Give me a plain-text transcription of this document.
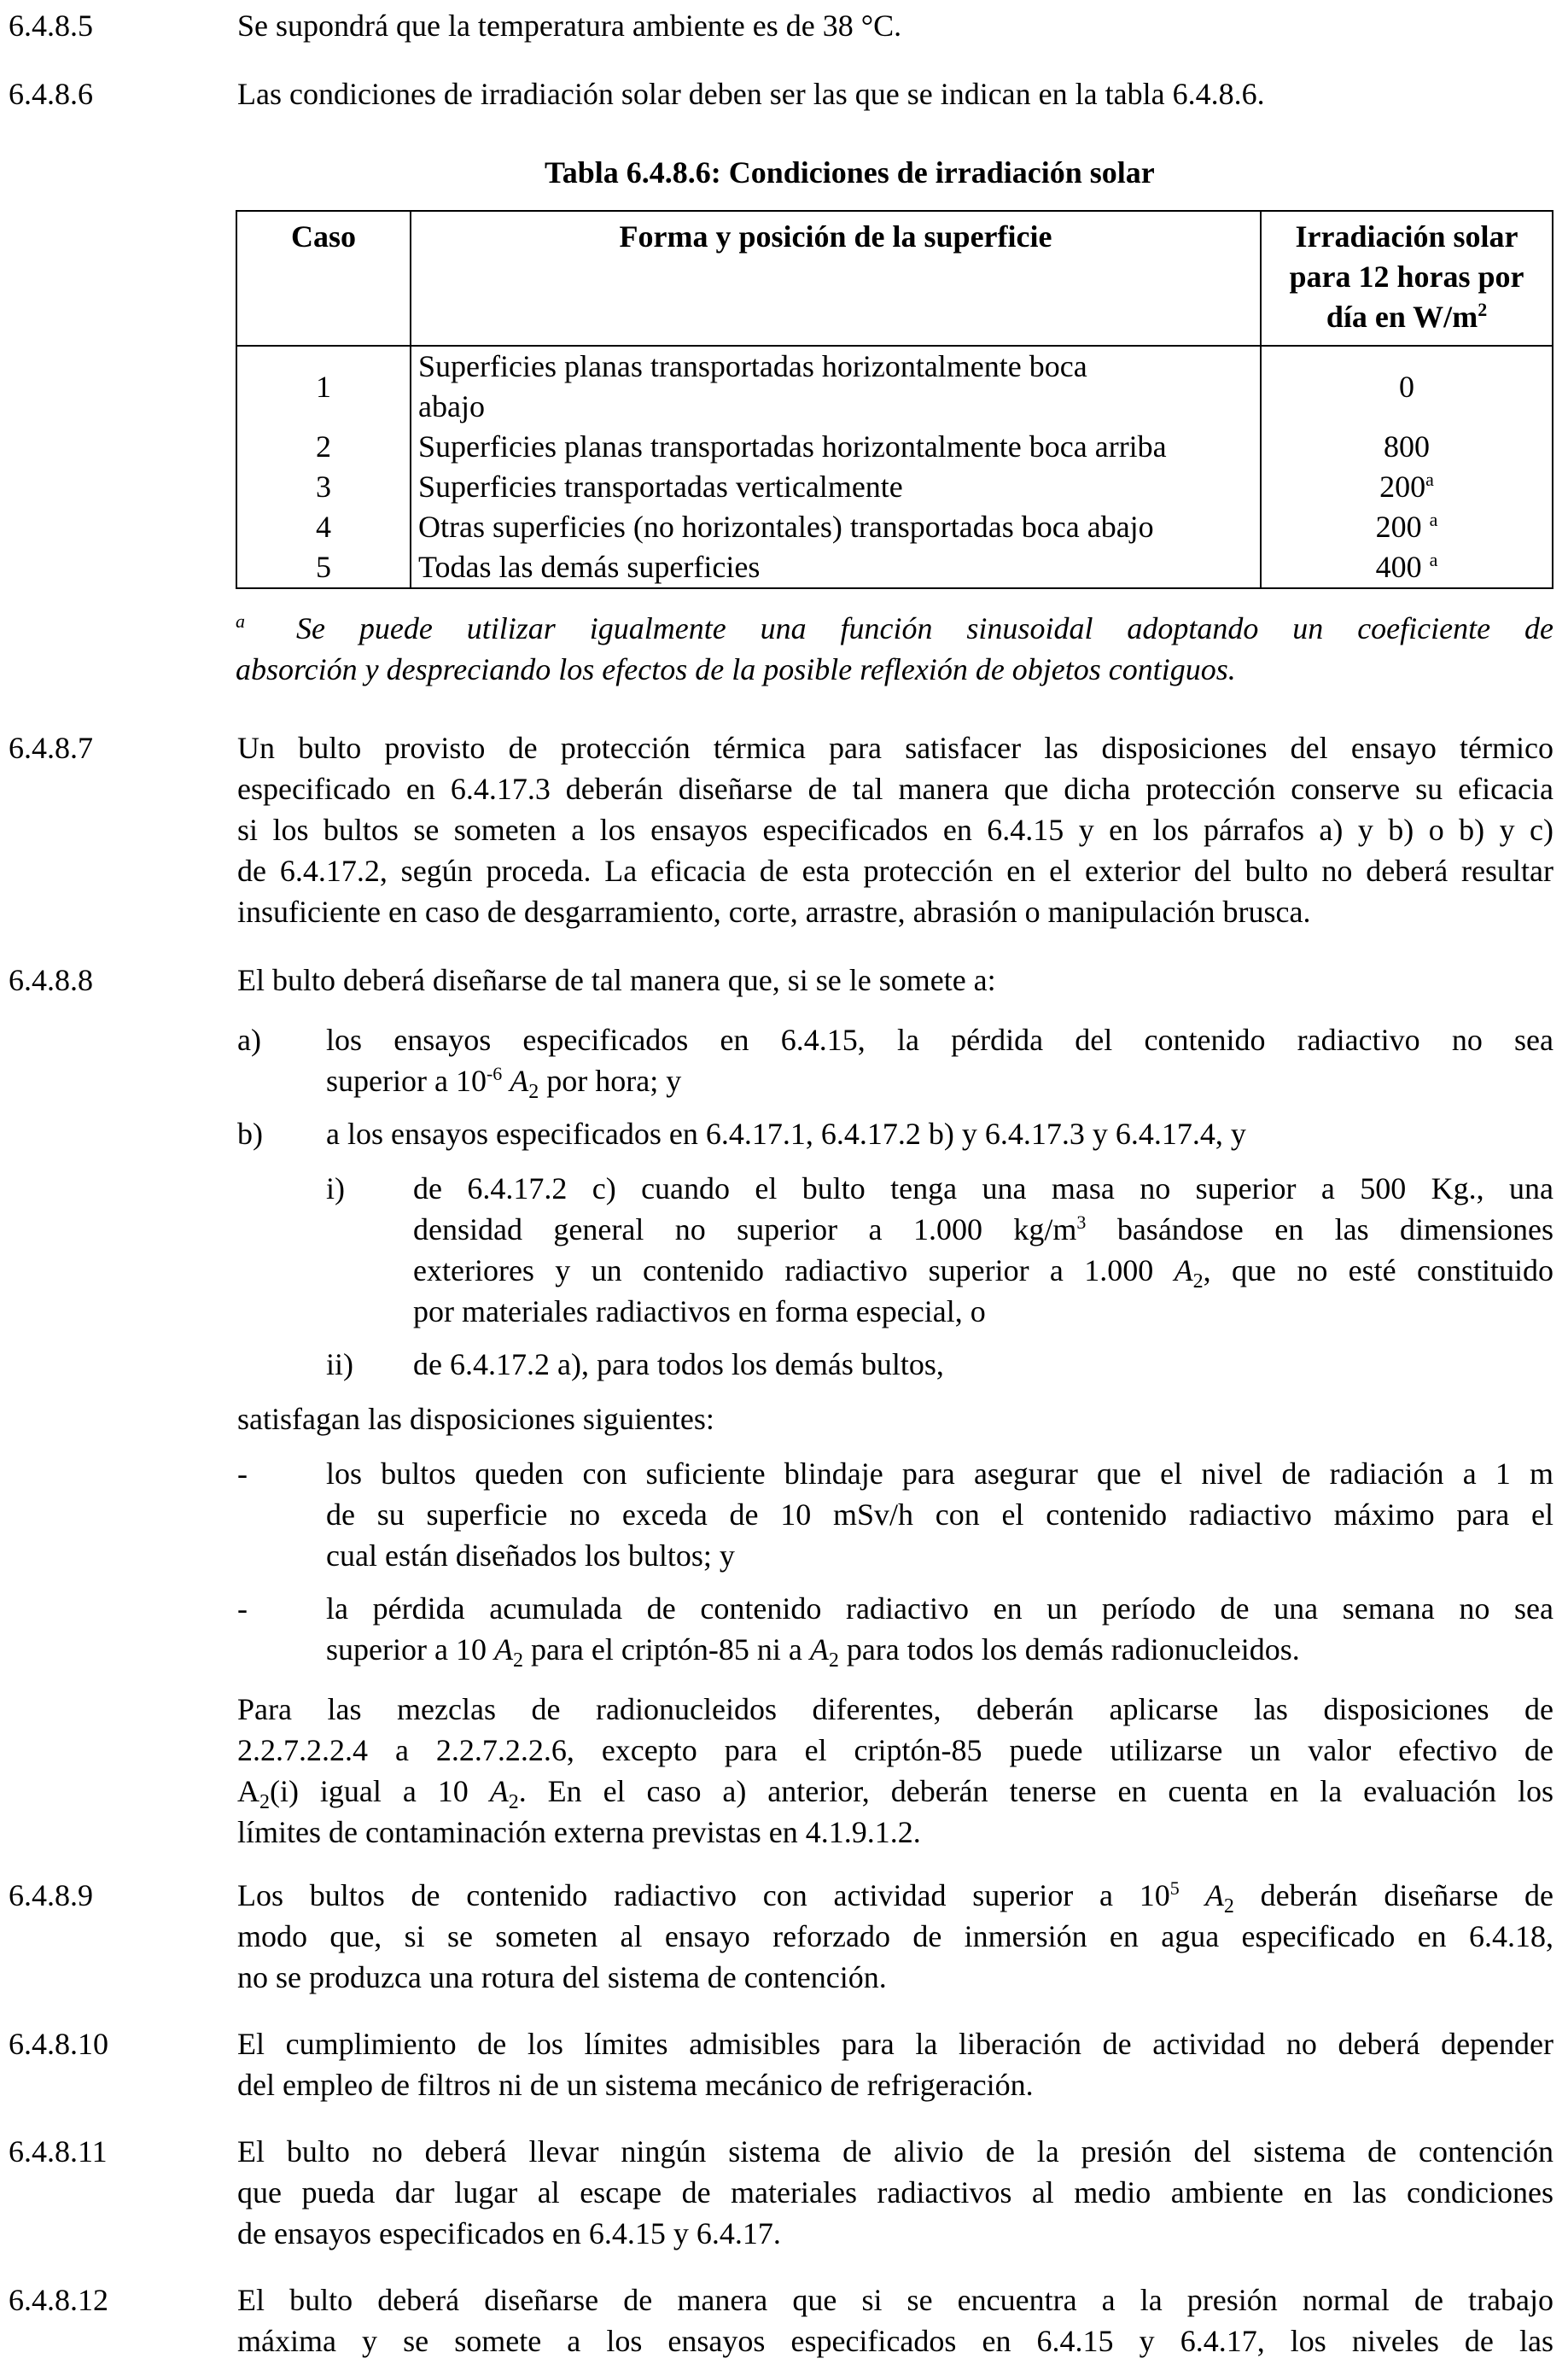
6.4.8.5	Se supondrá que la temperatura ambiente es de 38 °C.
6.4.8.6	Las condiciones de irradiación solar deben ser las que se indican en la tabla 6.4.8.6.
Tabla 6.4.8.6: Condiciones de irradiación solar
Caso	Forma y posición de la superficie	Irradiación solar
para 12 horas por
día en $W/m^2$
1	Superficies planas transportadas horizontalmente boca
abajo	0
2	Superficies planas transportadas horizontalmente boca arriba	800
3	Superficies transportadas verticalmente	200$^a$
4	Otras superficies (no horizontales) transportadas boca abajo	200 $^a$
5	Todas las demás superficies	400 $^a$
$^a$ Se puede utilizar igualmente una función sinusoidal adoptando un coeficiente de
absorción y despreciando los efectos de la posible reflexión de objetos contiguos.
6.4.8.7	Un bulto provisto de protección térmica para satisfacer las disposiciones del ensayo térmico
especificado en 6.4.17.3 deberán diseñarse de tal manera que dicha protección conserve su eficacia
si los bultos se someten a los ensayos especificados en 6.4.15 y en los párrafos a) y b) o b) y c)
de 6.4.17.2, según proceda. La eficacia de esta protección en el exterior del bulto no deberá resultar
insuficiente en caso de desgarramiento, corte, arrastre, abrasión o manipulación brusca.
6.4.8.8	El bulto deberá diseñarse de tal manera que, si se le somete a:
a) los ensayos especificados en 6.4.15, la pérdida del contenido radiactivo no sea
superior a $10^{-6}$ $A_2$ por hora; y
b) a los ensayos especificados en 6.4.17.1, 6.4.17.2 b) y 6.4.17.3 y 6.4.17.4, y
i) de 6.4.17.2 c) cuando el bulto tenga una masa no superior a 500 Kg., una
densidad general no superior a 1.000 $kg/m^3$ basándose en las dimensiones
exteriores y un contenido radiactivo superior a 1.000 $A_2$, que no esté constituido
por materiales radiactivos en forma especial, o
ii) de 6.4.17.2 a), para todos los demás bultos,
satisfagan las disposiciones siguientes:
-	los bultos queden con suficiente blindaje para asegurar que el nivel de radiación a 1 m
de su superficie no exceda de 10 mSv/h con el contenido radiactivo máximo para el
cual están diseñados los bultos; y
-	la pérdida acumulada de contenido radiactivo en un período de una semana no sea
superior a 10 $A_2$ para el criptón-85 ni a $A_2$ para todos los demás radionucleidos.
Para las mezclas de radionucleidos diferentes, deberán aplicarse las disposiciones de
2.2.7.2.2.4 a 2.2.7.2.2.6, excepto para el criptón-85 puede utilizarse un valor efectivo de
$A_2(i)$ igual a 10 $A_2$. En el caso a) anterior, deberán tenerse en cuenta en la evaluación los
límites de contaminación externa previstas en 4.1.9.1.2.
6.4.8.9	Los bultos de contenido radiactivo con actividad superior a $10^5$ $A_2$ deberán diseñarse de
modo que, si se someten al ensayo reforzado de inmersión en agua especificado en 6.4.18,
no se produzca una rotura del sistema de contención.
6.4.8.10	El cumplimiento de los límites admisibles para la liberación de actividad no deberá depender
del empleo de filtros ni de un sistema mecánico de refrigeración.
6.4.8.11	El bulto no deberá llevar ningún sistema de alivio de la presión del sistema de contención
que pueda dar lugar al escape de materiales radiactivos al medio ambiente en las condiciones
de ensayos especificados en 6.4.15 y 6.4.17.
6.4.8.12	El bulto deberá diseñarse de manera que si se encuentra a la presión normal de trabajo
máxima y se somete a los ensayos especificados en 6.4.15 y 6.4.17, los niveles de las
